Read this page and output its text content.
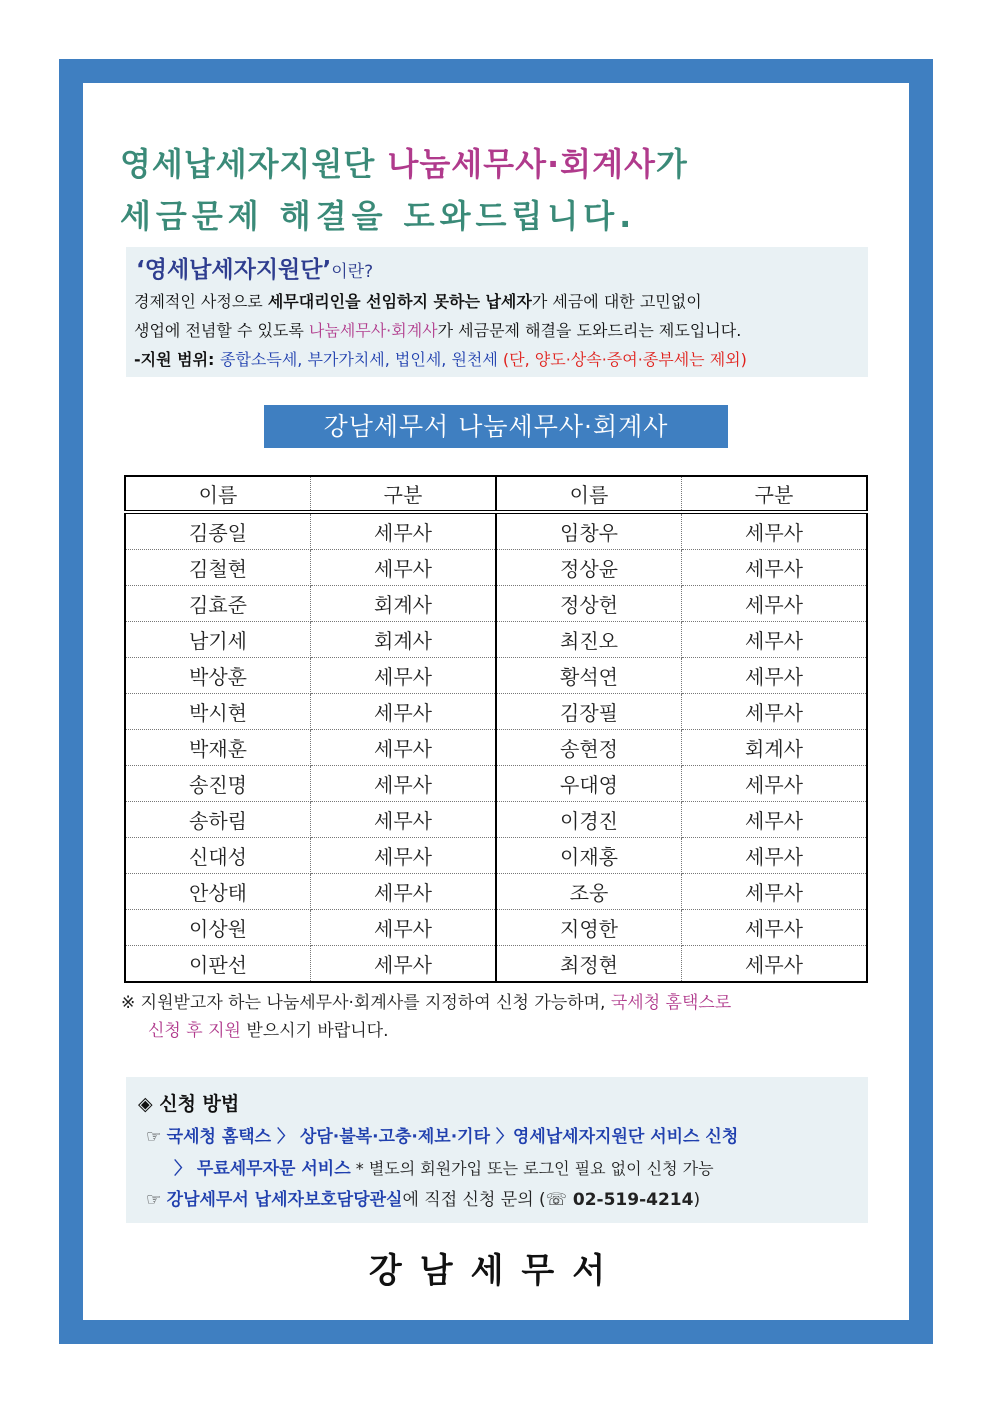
영세납세자지원단 나눔세무사·회계사가
세금문제 해결을 도와드립니다.
‘영세납세자지원단’이란?
경제적인 사정으로 세무대리인을 선임하지 못하는 납세자가 세금에 대한 고민없이
생업에 전념할 수 있도록 나눔세무사·회계사가 세금문제 해결을 도와드리는 제도입니다.
-지원 범위: 종합소득세, 부가가치세, 법인세, 원천세 (단, 양도·상속·증여·종부세는 제외)
강남세무서 나눔세무사·회계사
이름	구분	이름	구분
김종일	세무사	임창우	세무사
김철현	세무사	정상윤	세무사
김효준	회계사	정상헌	세무사
남기세	회계사	최진오	세무사
박상훈	세무사	황석연	세무사
박시현	세무사	김장필	세무사
박재훈	세무사	송현정	회계사
송진명	세무사	우대영	세무사
송하림	세무사	이경진	세무사
신대성	세무사	이재홍	세무사
안상태	세무사	조웅	세무사
이상원	세무사	지영한	세무사
이판선	세무사	최정현	세무사
※ 지원받고자 하는 나눔세무사·회계사를 지정하여 신청 가능하며, 국세청 홈택스로
신청 후 지원 받으시기 바랍니다.
◈ 신청 방법
☞ 국세청 홈택스 〉 상담·불복·고충·제보·기타 〉영세납세자지원단 서비스 신청
〉 무료세무자문 서비스 * 별도의 회원가입 또는 로그인 필요 없이 신청 가능
☞ 강남세무서 납세자보호담당관실에 직접 신청 문의 (☏ 02-519-4214)
강남세무서
